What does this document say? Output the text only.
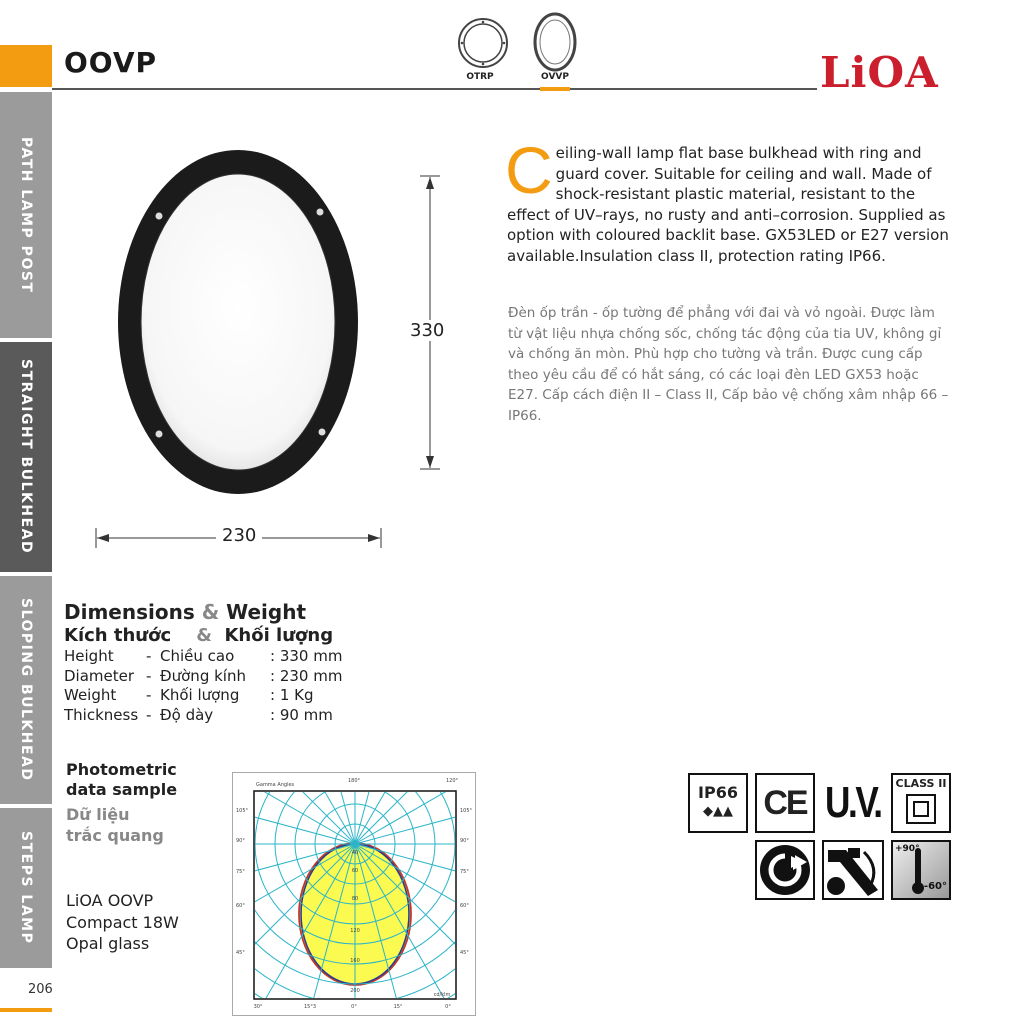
PATH LAMP POST
STRAIGHT BULKHEAD
SLOPING BULKHEAD
STEPS LAMP
206
OOVP	OTRP	OVVP	LiOA
330
230
Ceiling-wall lamp flat base bulkhead with ring and guard cover. Suitable for ceiling and wall. Made of shock-resistant plastic material, resistant to the effect of UV–rays, no rusty and anti–corrosion. Supplied as option with coloured backlit base. GX53LED or E27 version available.Insulation class II, protection rating IP66.
Đèn ốp trần - ốp tường để phẳng với đai và vỏ ngoài. Được làm từ vật liệu nhựa chống sốc, chống tác động của tia UV, không gỉ và chống ăn mòn. Phù hợp cho tường và trần. Được cung cấp theo yêu cầu để có hắt sáng, có các loại đèn LED GX53 hoặc E27. Cấp cách điện II – Class II, Cấp bảo vệ chống xâm nhập 66 – IP66.
Dimensions & Weight
Kích thước & Khối lượng
Height	-	Chiều cao	: 330 mm
Diameter	-	Đường kính	: 230 mm
Weight	-	Khối lượng	: 1 Kg
Thickness	-	Độ dày	: 90 mm
Photometric
data sample
Dữ liệu
trắc quang
LiOA OOVP
Compact 18W
Opal glass
Gamma Angles
180°	120°
105°
90°
75°
60°
45°
105°
90°
75°
60°
45°
30°	15°3	0°	15°	0°
40
60
80
120
160
200
cd/klm
IP66
◆▲▲ CE U.V. CLASS II
+90°
-60°
